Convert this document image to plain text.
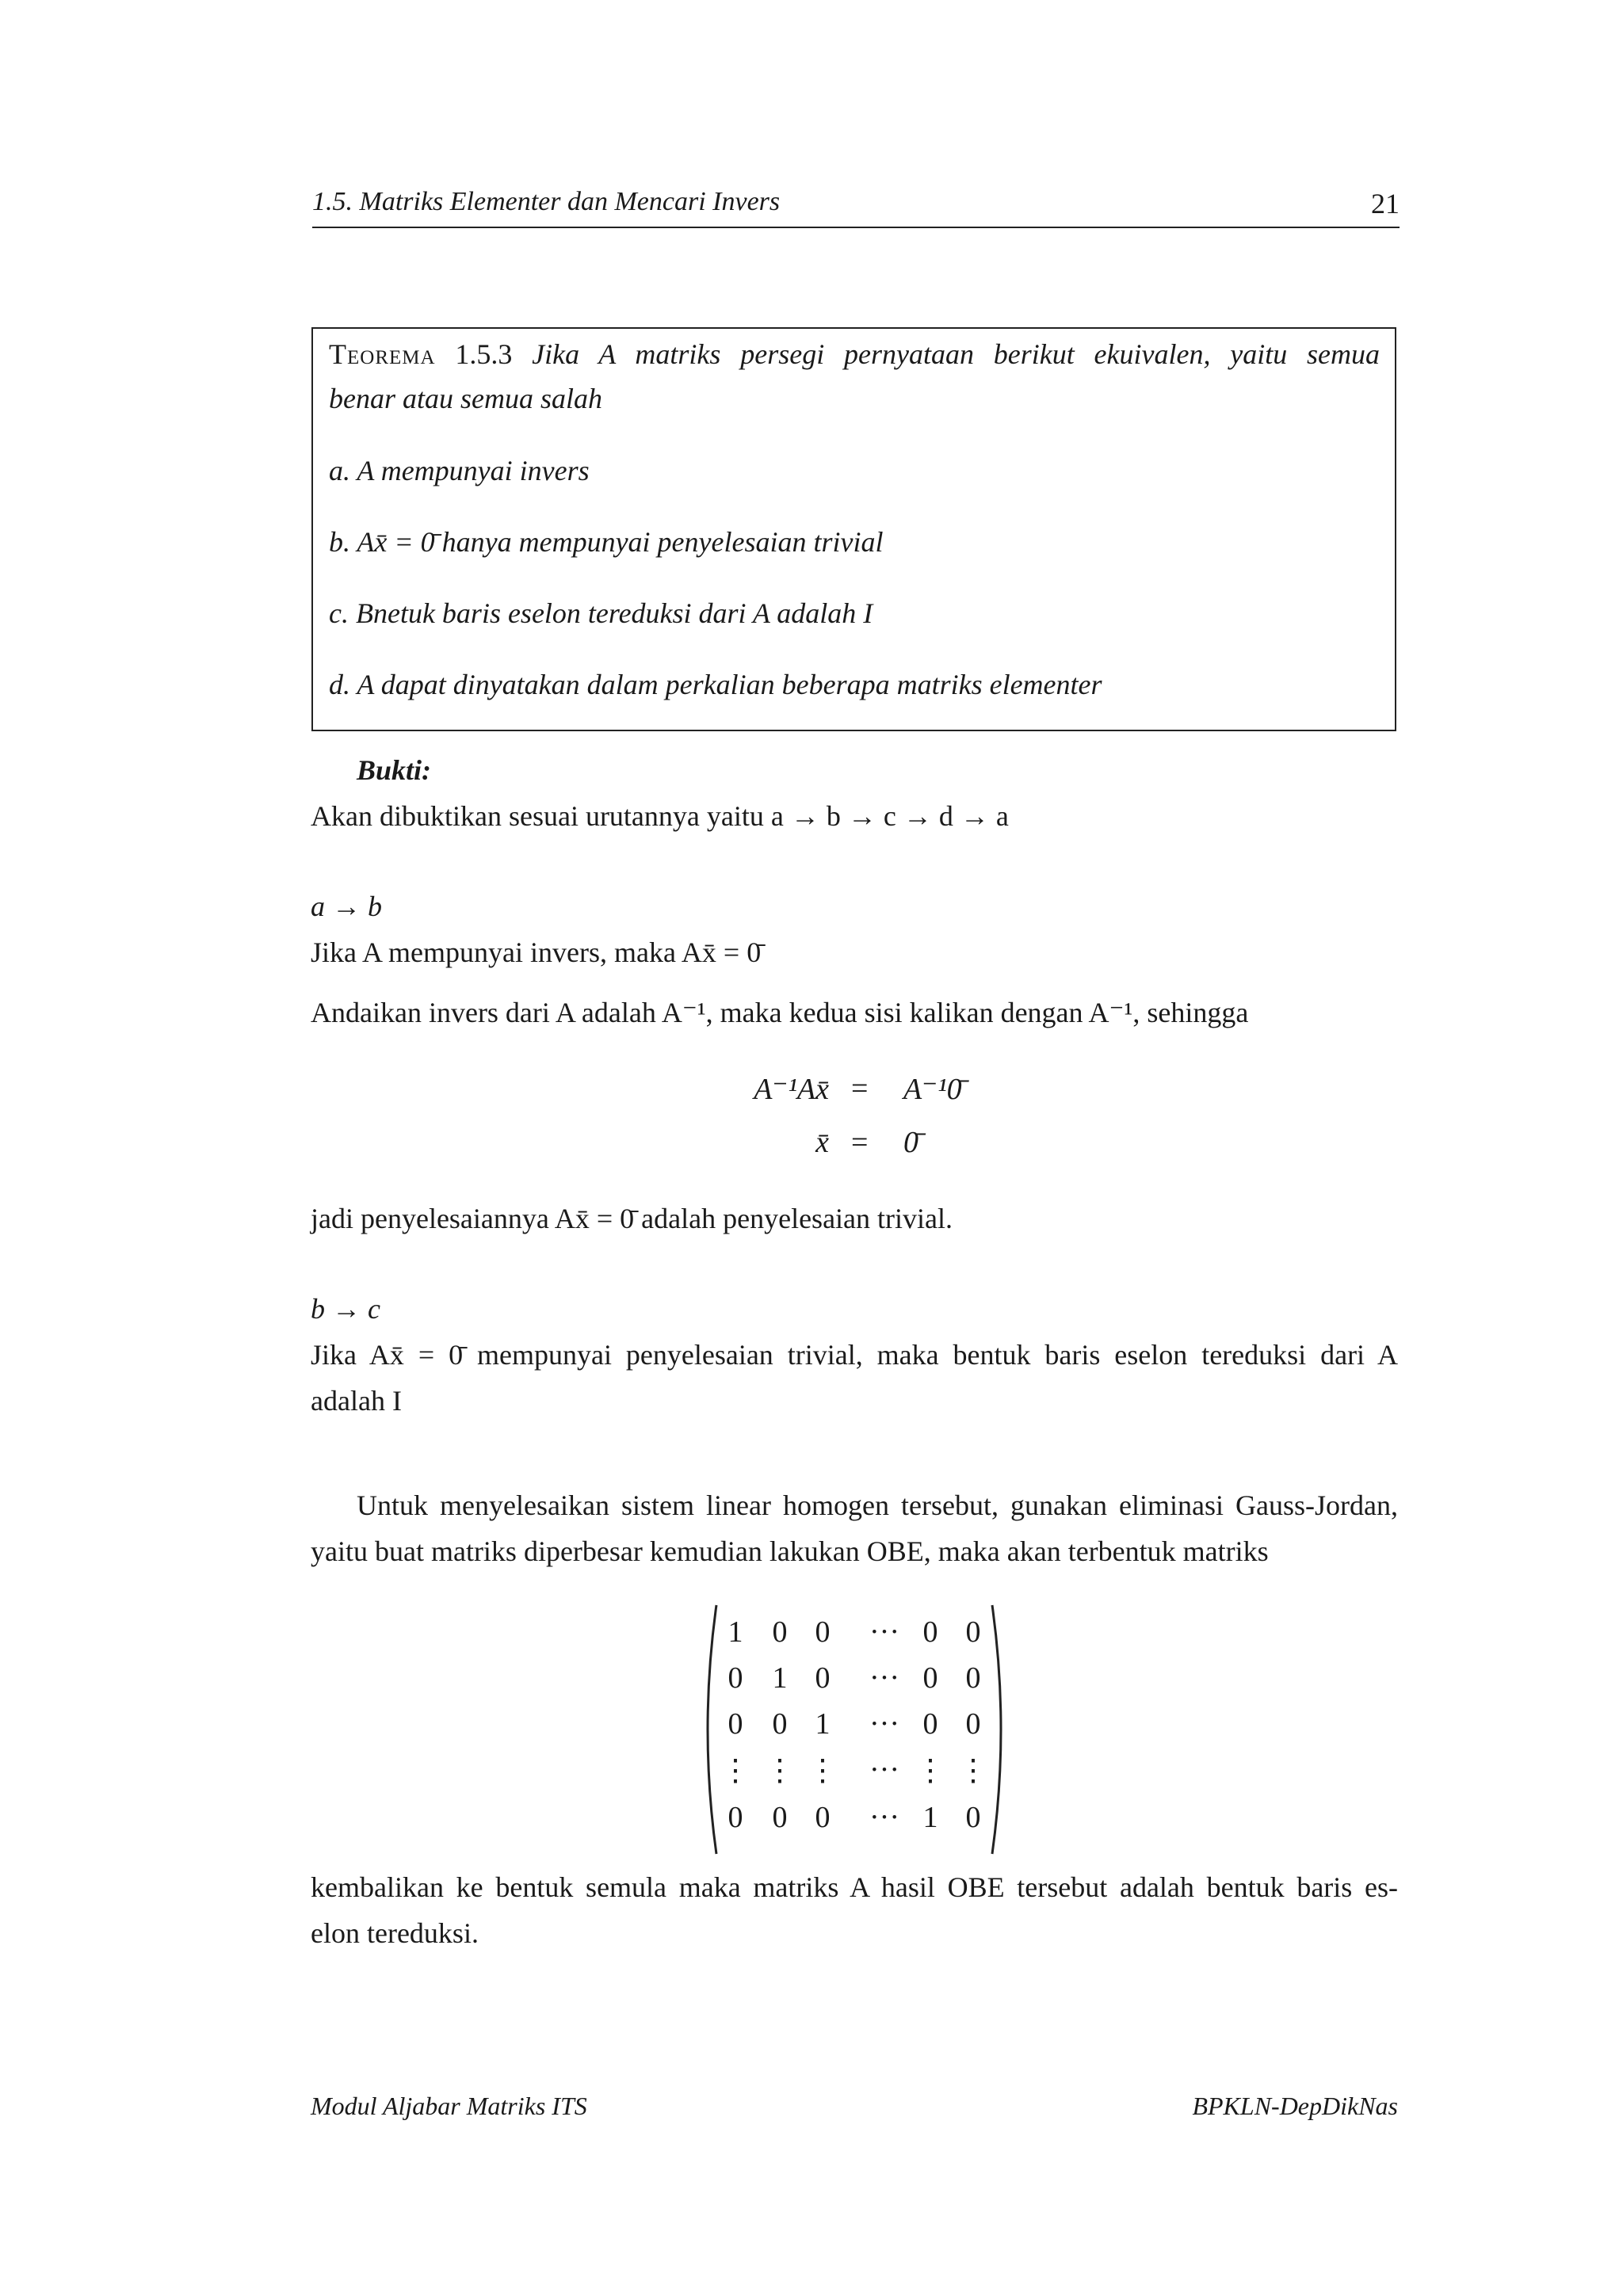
1.5. Matriks Elementer dan Mencari Invers	21
Teorema 1.5.3 Jika A matriks persegi pernyataan berikut ekuivalen, yaitu semua
benar atau semua salah
a. A mempunyai invers
b. Ax̄ = 0̄ hanya mempunyai penyelesaian trivial
c. Bnetuk baris eselon tereduksi dari A adalah I
d. A dapat dinyatakan dalam perkalian beberapa matriks elementer
Bukti:
Akan dibuktikan sesuai urutannya yaitu a → b → c → d → a
a → b
Jika A mempunyai invers, maka Ax̄ = 0̄
Andaikan invers dari A adalah A⁻¹, maka kedua sisi kalikan dengan A⁻¹, sehingga
A⁻¹Ax̄ = A⁻¹0̄
x̄ = 0̄
jadi penyelesaiannya Ax̄ = 0̄ adalah penyelesaian trivial.
b → c
Jika Ax̄ = 0̄ mempunyai penyelesaian trivial, maka bentuk baris eselon tereduksi dari A
adalah I
Untuk menyelesaikan sistem linear homogen tersebut, gunakan eliminasi Gauss-Jordan,
yaitu buat matriks diperbesar kemudian lakukan OBE, maka akan terbentuk matriks
1 0 0 ··· 0 0
0 1 0 ··· 0 0
0 0 1 ··· 0 0
⋮ ⋮ ⋮ ··· ⋮ ⋮
0 0 0 ··· 1 0
kembalikan ke bentuk semula maka matriks A hasil OBE tersebut adalah bentuk baris es-
elon tereduksi.
Modul Aljabar Matriks ITS	BPKLN-DepDikNas
